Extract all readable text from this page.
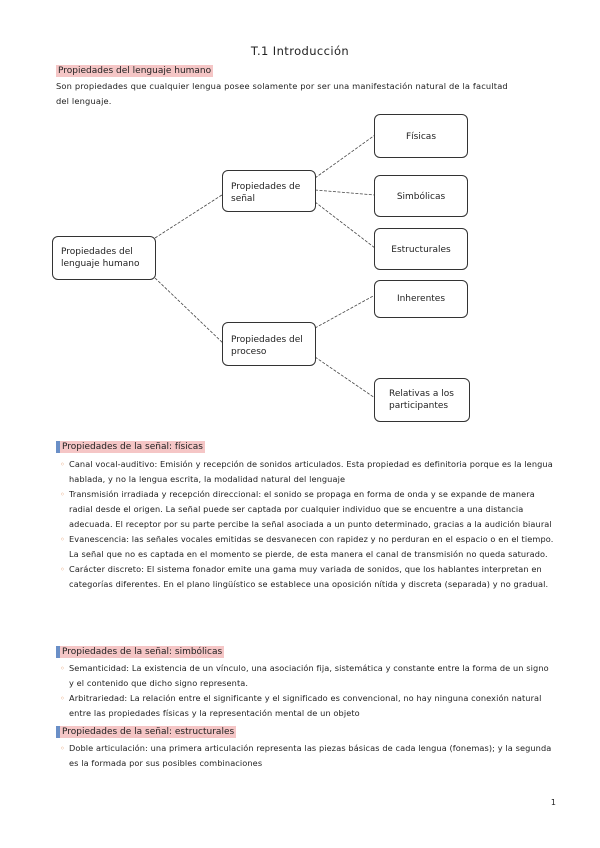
T.1 Introducción
Propiedades del lenguaje humano
Son propiedades que cualquier lengua posee solamente por ser una manifestación natural de la facultad
del lenguaje.
Propiedades del
lenguaje humano
Propiedades de
señal
Propiedades del
proceso
Físicas
Simbólicas
Estructurales
Inherentes
Relativas a los
participantes
Propiedades de la señal: físicas
◦ Canal vocal-auditivo: Emisión y recepción de sonidos articulados. Esta propiedad es definitoria porque es la lengua hablada, y no la lengua escrita, la modalidad natural del lenguaje
◦ Transmisión irradiada y recepción direccional: el sonido se propaga en forma de onda y se expande de manera radial desde el origen. La señal puede ser captada por cualquier individuo que se encuentre a una distancia adecuada. El receptor por su parte percibe la señal asociada a un punto determinado, gracias a la audición biaural
◦ Evanescencia: las señales vocales emitidas se desvanecen con rapidez y no perduran en el espacio o en el tiempo. La señal que no es captada en el momento se pierde, de esta manera el canal de transmisión no queda saturado.
◦ Carácter discreto: El sistema fonador emite una gama muy variada de sonidos, que los hablantes interpretan en categorías diferentes. En el plano lingüístico se establece una oposición nítida y discreta (separada) y no gradual.
Propiedades de la señal: simbólicas
◦ Semanticidad: La existencia de un vínculo, una asociación fija, sistemática y constante entre la forma de un signo y el contenido que dicho signo representa.
◦ Arbitrariedad: La relación entre el significante y el significado es convencional, no hay ninguna conexión natural entre las propiedades físicas y la representación mental de un objeto
Propiedades de la señal: estructurales
◦ Doble articulación: una primera articulación representa las piezas básicas de cada lengua (fonemas); y la segunda es la formada por sus posibles combinaciones
1
